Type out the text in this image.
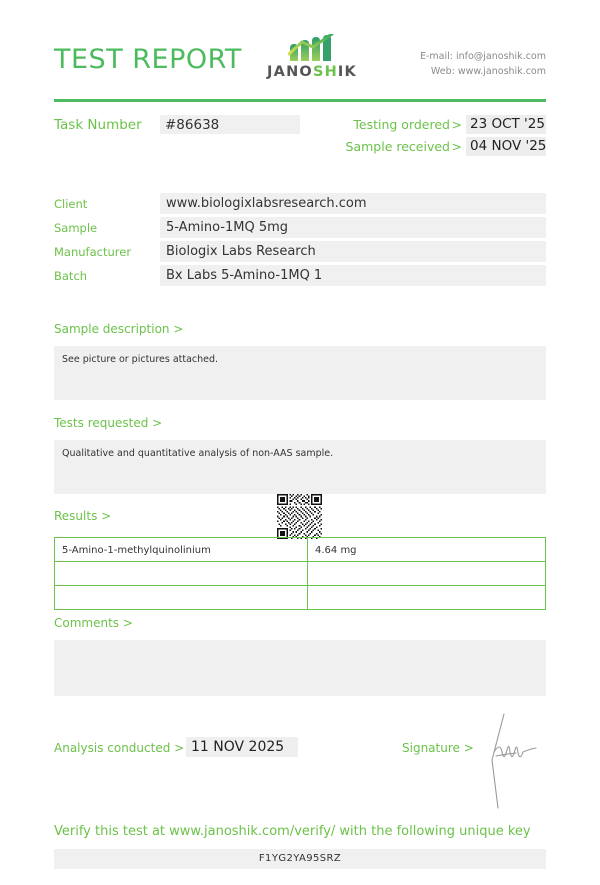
TEST REPORT	JANOSHIK
E-mail: info@janoshik.com
Web: www.janoshik.com
Task Number	#86638	Testing ordered > 23 OCT '25
Sample received > 04 NOV '25
Client	www.biologixlabsresearch.com
Sample	5-Amino-1MQ 5mg
Manufacturer	Biologix Labs Research
Batch	Bx Labs 5-Amino-1MQ 1
Sample description >
See picture or pictures attached.
Tests requested >
Qualitative and quantitative analysis of non-AAS sample.
Results >
5-Amino-1-methylquinolinium	4.64 mg

Comments >
Analysis conducted > 11 NOV 2025	Signature >
Verify this test at www.janoshik.com/verify/ with the following unique key
F1YG2YA95SRZ
